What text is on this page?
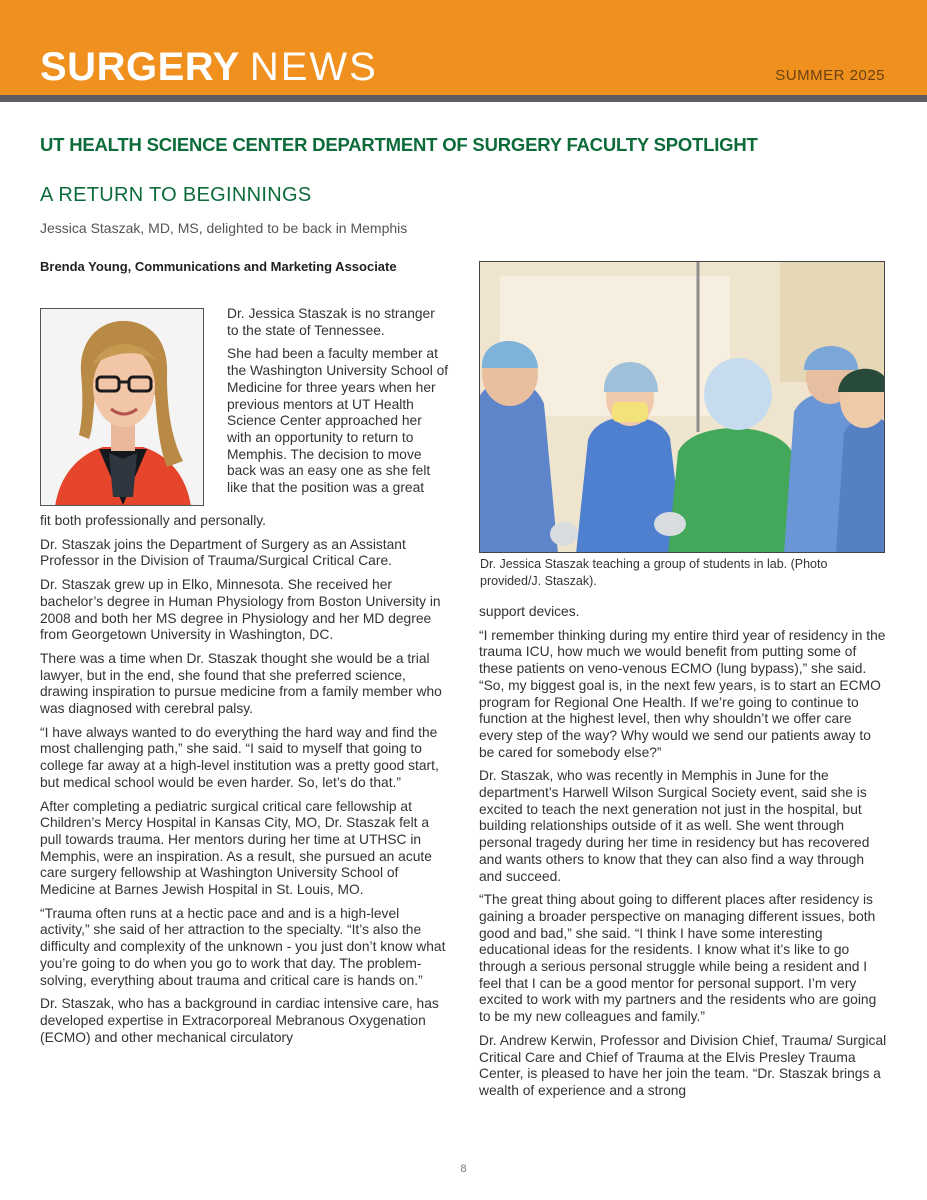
SURGERY NEWS	SUMMER 2025
UT HEALTH SCIENCE CENTER DEPARTMENT OF SURGERY FACULTY SPOTLIGHT
A RETURN TO BEGINNINGS
Jessica Staszak, MD, MS, delighted to be back in Memphis
Brenda Young, Communications and Marketing Associate

Dr. Jessica Staszak teaching a group of students in lab. (Photo provided/J. Staszak).

Dr. Jessica Staszak is no stranger to the state of Tennessee.

She had been a faculty member at the Washington University School of Medicine for three years when her previous mentors at UT Health Science Center approached her with an opportunity to return to Memphis. The decision to move back was an easy one as she felt like that the position was a great

fit both professionally and personally.

Dr. Staszak joins the Department of Surgery as an Assistant Professor in the Division of Trauma/Surgical Critical Care.

Dr. Staszak grew up in Elko, Minnesota. She received her bachelor’s degree in Human Physiology from Boston University in 2008 and both her MS degree in Physiology and her MD degree from Georgetown University in Washington, DC.

There was a time when Dr. Staszak thought she would be a trial lawyer, but in the end, she found that she preferred science, drawing inspiration to pursue medicine from a family member who was diagnosed with cerebral palsy.

“I have always wanted to do everything the hard way and find the most challenging path,” she said. “I said to myself that going to college far away at a high-level institution was a pretty good start, but medical school would be even harder. So, let’s do that.”

After completing a pediatric surgical critical care fellowship at Children’s Mercy Hospital in Kansas City, MO, Dr. Staszak felt a pull towards trauma. Her mentors during her time at UTHSC in Memphis, were an inspiration. As a result, she pursued an acute care surgery fellowship at Washington University School of Medicine at Barnes Jewish Hospital in St. Louis, MO.

“Trauma often runs at a hectic pace and and is a high-level activity,” she said of her attraction to the specialty. “It’s also the difficulty and complexity of the unknown - you just don’t know what you’re going to do when you go to work that day. The problem-solving, everything about trauma and critical care is hands on.”

Dr. Staszak, who has a background in cardiac intensive care, has developed expertise in Extracorporeal Mebranous Oxygenation (ECMO) and other mechanical circulatory

support devices.

“I remember thinking during my entire third year of residency in the trauma ICU, how much we would benefit from putting some of these patients on veno-venous ECMO (lung bypass),” she said. “So, my biggest goal is, in the next few years, is to start an ECMO program for Regional One Health. If we’re going to continue to function at the highest level, then why shouldn’t we offer care every step of the way? Why would we send our patients away to be cared for somebody else?”

Dr. Staszak, who was recently in Memphis in June for the department’s Harwell Wilson Surgical Society event, said she is excited to teach the next generation not just in the hospital, but building relationships outside of it as well. She went through personal tragedy during her time in residency but has recovered and wants others to know that they can also find a way through and succeed.

“The great thing about going to different places after residency is gaining a broader perspective on managing different issues, both good and bad,” she said. “I think I have some interesting educational ideas for the residents. I know what it’s like to go through a serious personal struggle while being a resident and I feel that I can be a good mentor for personal support. I’m very excited to work with my partners and the residents who are going to be my new colleagues and family.”

Dr. Andrew Kerwin, Professor and Division Chief, Trauma/ Surgical Critical Care and Chief of Trauma at the Elvis Presley Trauma Center, is pleased to have her join the team. “Dr. Staszak brings a wealth of experience and a strong

8
